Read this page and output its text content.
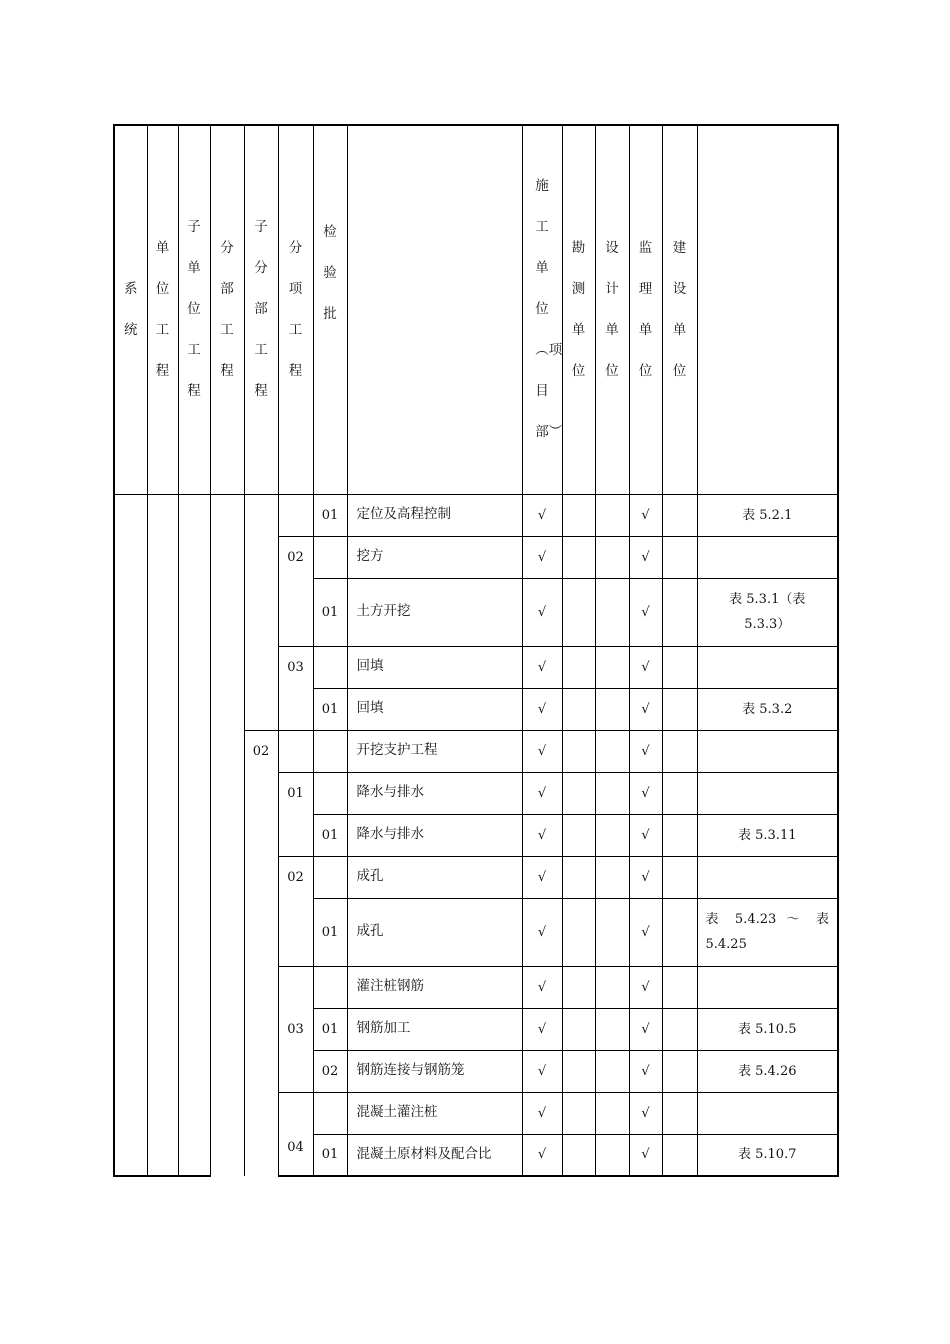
系统	单位工程	子单位工程	分部工程	子分部工程	分项工程	检验批		施工单位︵项目部︶	勘测单位	设计单位	监理单位	建设单位	
						01	定位及高程控制	√			√		表 5.2.1
					02		挖方	√			√		
						01	土方开挖	√			√		表 5.3.1（表 5.3.3）
					03		回填	√			√		
						01	回填	√			√		表 5.3.2
				02			开挖支护工程	√			√		
					01		降水与排水	√			√		
						01	降水与排水	√			√		表 5.3.11
					02		成孔	√			√		
						01	成孔	√			√		表 5.4.23 ～ 表 5.4.25
					03		灌注桩钢筋	√			√		
						01	钢筋加工	√			√		表 5.10.5
						02	钢筋连接与钢筋笼	√			√		表 5.4.26
					04		混凝土灌注桩	√			√		
						01	混凝土原材料及配合比	√			√		表 5.10.7
